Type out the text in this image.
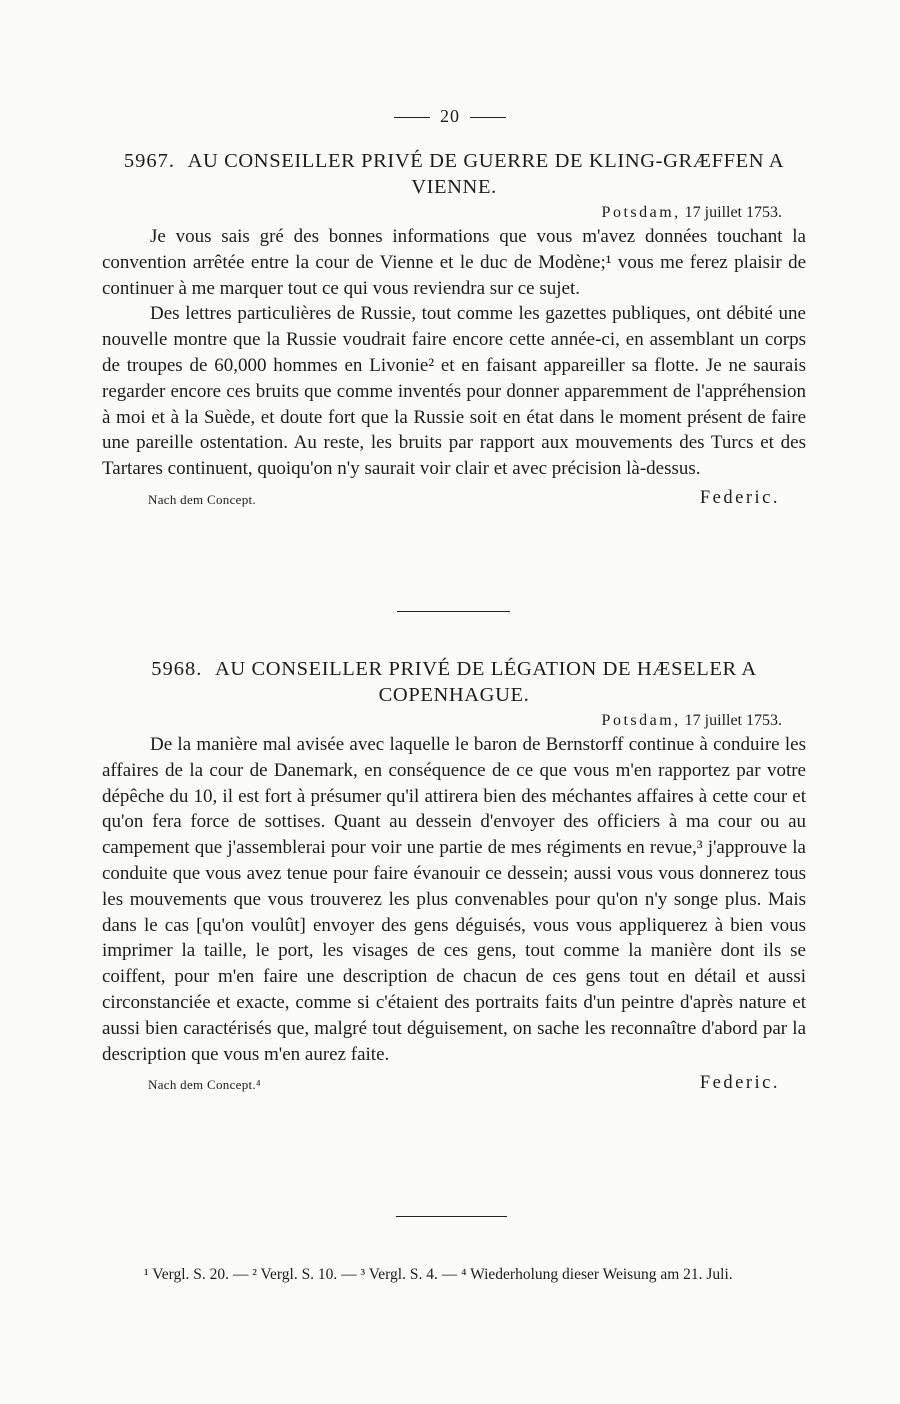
20
5967. AU CONSEILLER PRIVÉ DE GUERRE DE KLING-GRÆFFEN A VIENNE.
Potsdam, 17 juillet 1753.

Je vous sais gré des bonnes informations que vous m'avez données touchant la convention arrêtée entre la cour de Vienne et le duc de Modène;¹ vous me ferez plaisir de continuer à me marquer tout ce qui vous reviendra sur ce sujet.

Des lettres particulières de Russie, tout comme les gazettes publiques, ont débité une nouvelle montre que la Russie voudrait faire encore cette année-ci, en assemblant un corps de troupes de 60,000 hommes en Livonie² et en faisant appareiller sa flotte. Je ne saurais regarder encore ces bruits que comme inventés pour donner apparemment de l'appréhension à moi et à la Suède, et doute fort que la Russie soit en état dans le moment présent de faire une pareille ostentation. Au reste, les bruits par rapport aux mouvements des Turcs et des Tartares continuent, quoiqu'on n'y saurait voir clair et avec précision là-dessus.

Nach dem Concept.	Federic.
5968. AU CONSEILLER PRIVÉ DE LÉGATION DE HÆSELER A COPENHAGUE.
Potsdam, 17 juillet 1753.

De la manière mal avisée avec laquelle le baron de Bernstorff continue à conduire les affaires de la cour de Danemark, en conséquence de ce que vous m'en rapportez par votre dépêche du 10, il est fort à présumer qu'il attirera bien des méchantes affaires à cette cour et qu'on fera force de sottises. Quant au dessein d'envoyer des officiers à ma cour ou au campement que j'assemblerai pour voir une partie de mes régiments en revue,³ j'approuve la conduite que vous avez tenue pour faire évanouir ce dessein; aussi vous vous donnerez tous les mouvements que vous trouverez les plus convenables pour qu'on n'y songe plus. Mais dans le cas [qu'on voulût] envoyer des gens déguisés, vous vous appliquerez à bien vous imprimer la taille, le port, les visages de ces gens, tout comme la manière dont ils se coiffent, pour m'en faire une description de chacun de ces gens tout en détail et aussi circonstanciée et exacte, comme si c'étaient des portraits faits d'un peintre d'après nature et aussi bien caractérisés que, malgré tout déguisement, on sache les reconnaître d'abord par la description que vous m'en aurez faite.

Nach dem Concept.⁴	Federic.
¹ Vergl. S. 20. — ² Vergl. S. 10. — ³ Vergl. S. 4. — ⁴ Wiederholung dieser Weisung am 21. Juli.
